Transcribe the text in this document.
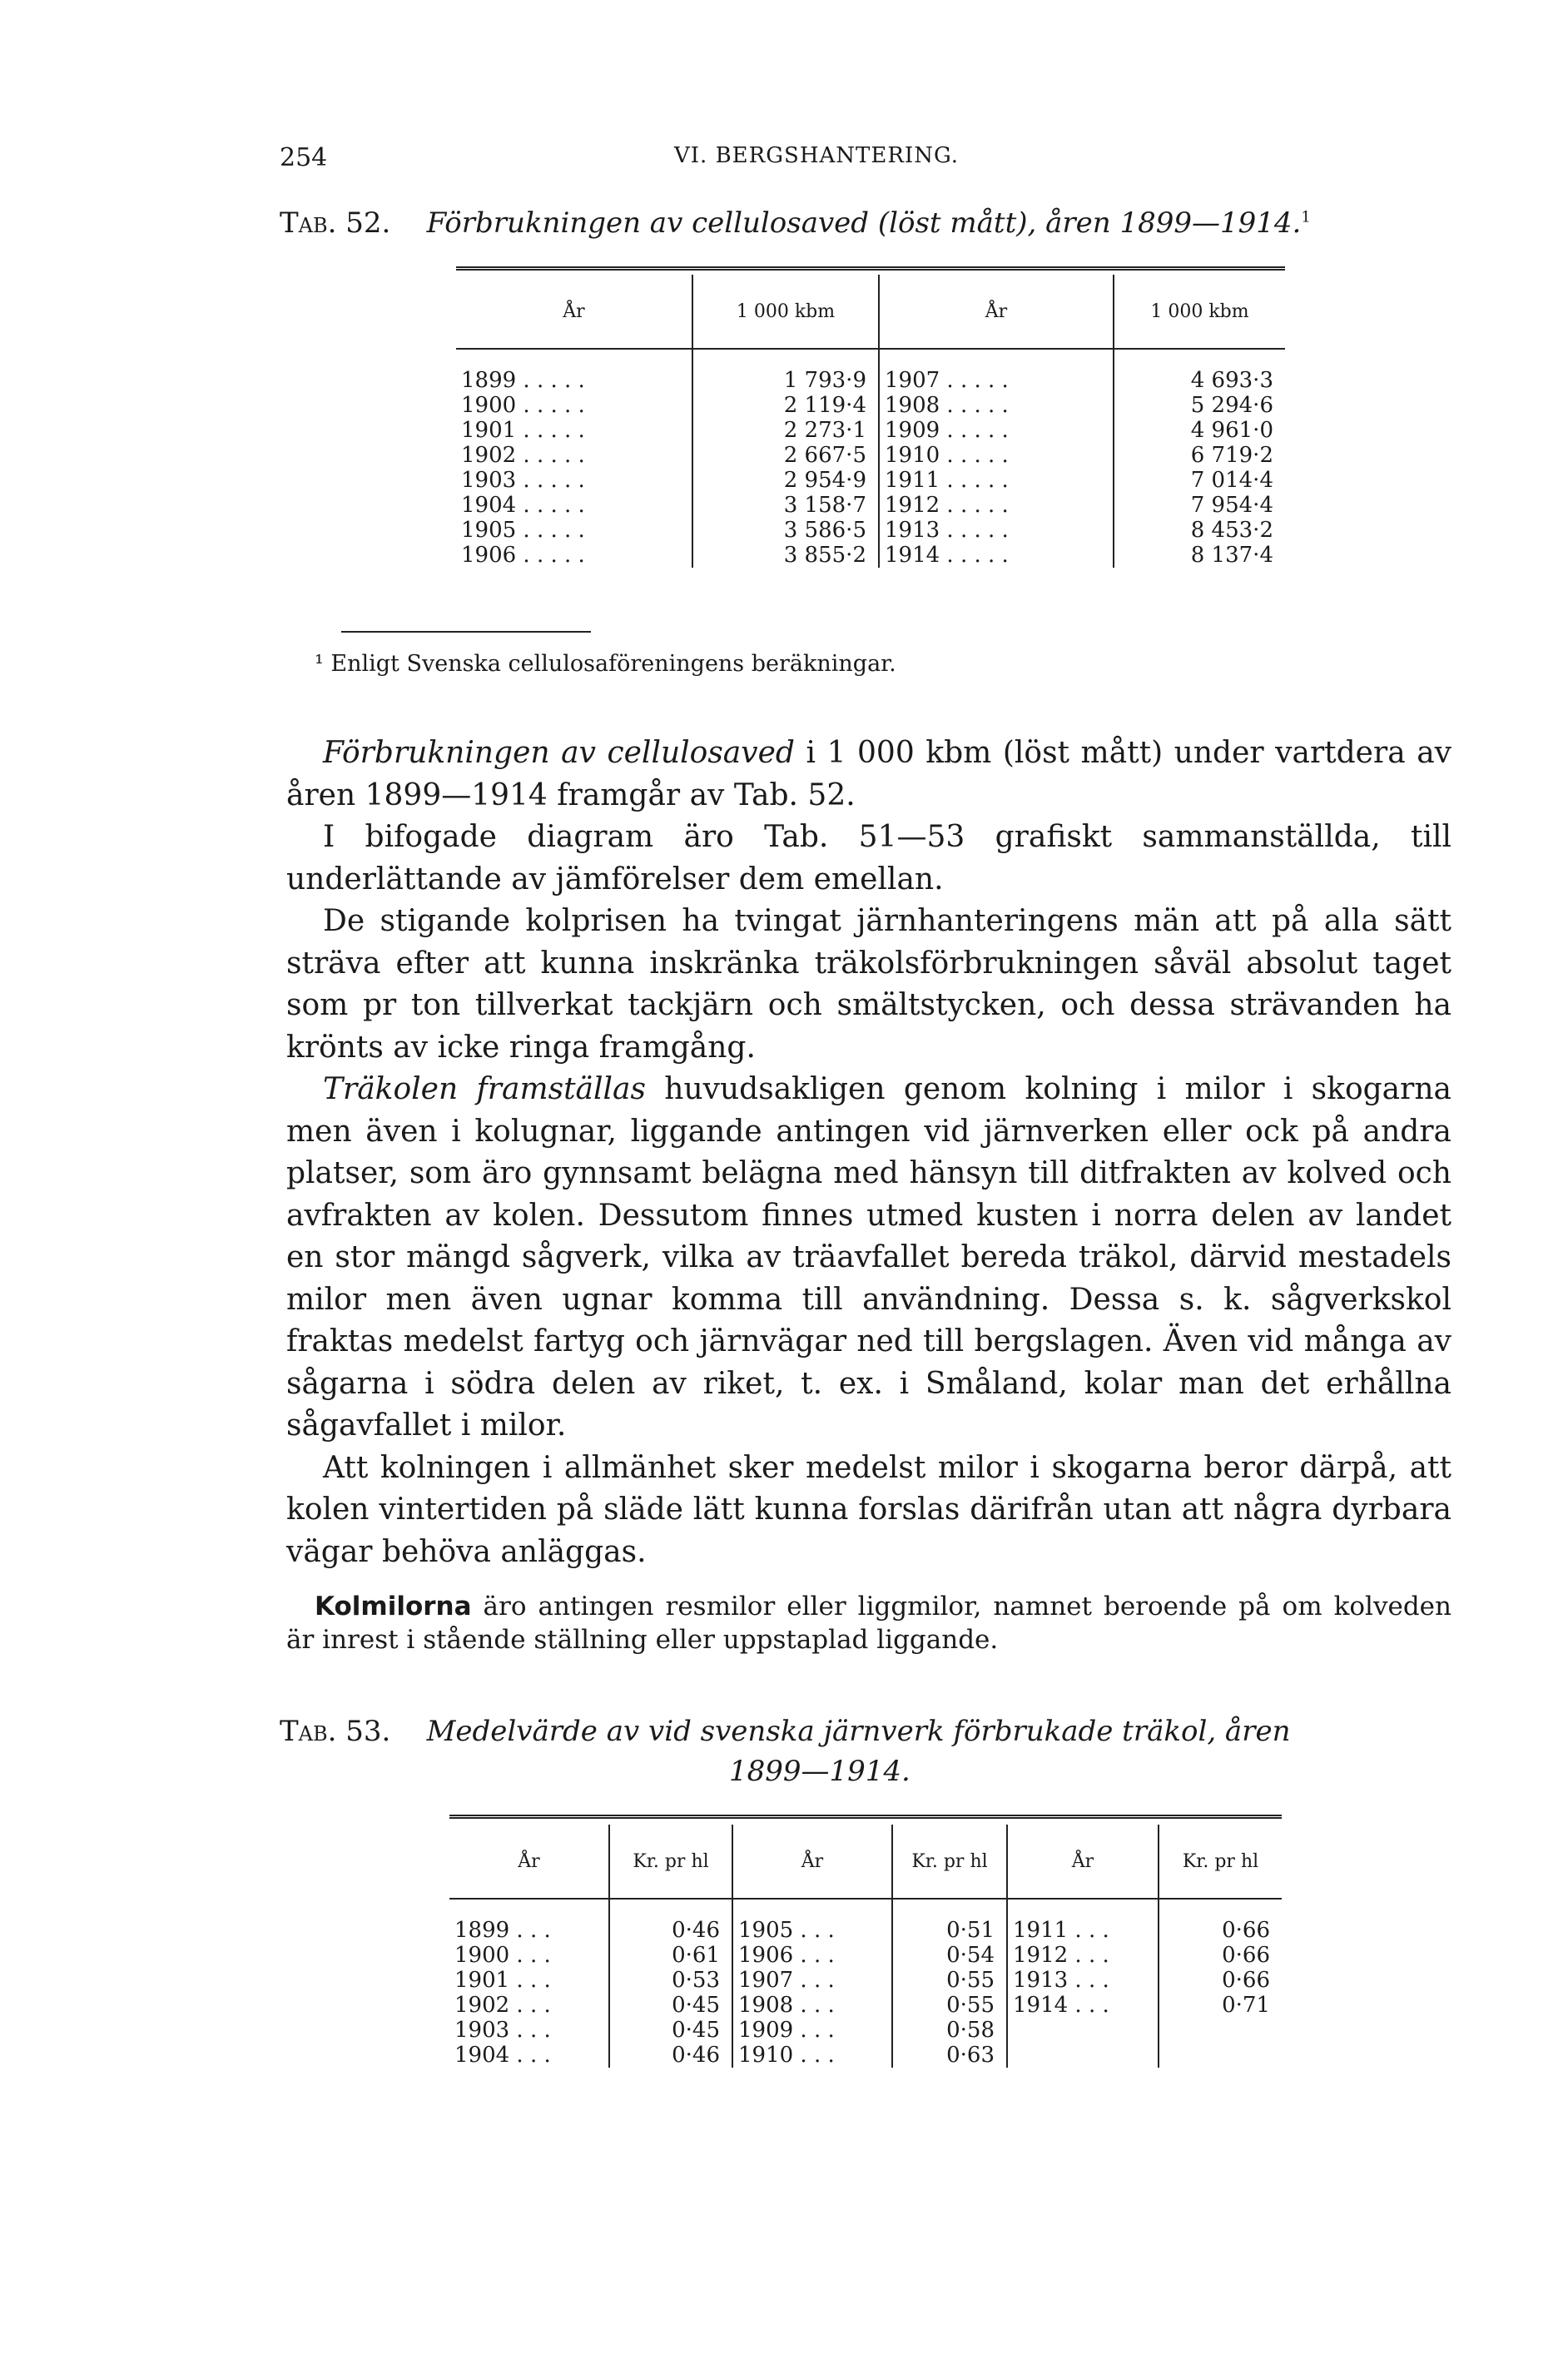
254	VI. BERGSHANTERING.
Tab. 52. Förbrukningen av cellulosaved (löst mått), åren 1899—1914.$^1$
År	1 000 kbm	År	1 000 kbm

1899 . . .	1 793·9	1907 . . .	4 693·3
1900 . . .	2 119·4	1908 . . .	5 294·6
1901 . . .	2 273·1	1909 . . .	4 961·0
1902 . . .	2 667·5	1910 . . .	6 719·2
1903 . . .	2 954·9	1911 . . .	7 014·4
1904 . . .	3 158·7	1912 . . .	7 954·4
1905 . . .	3 586·5	1913 . . .	8 453·2
1906 . . .	3 855·2	1914 . . .	8 137·4
¹ Enligt Svenska cellulosaföreningens beräkningar.

Förbrukningen av cellulosaved i 1 000 kbm (löst mått) under vartdera av åren 1899—1914 framgår av Tab. 52.

I bifogade diagram äro Tab. 51—53 grafiskt sammanställda, till underlättande av jämförelser dem emellan.

De stigande kolprisen ha tvingat järnhanteringens män att på alla sätt sträva efter att kunna inskränka träkolsförbrukningen såväl absolut taget som pr ton tillverkat tackjärn och smältstycken, och dessa strävanden ha krönts av icke ringa framgång.

Träkolen framställas huvudsakligen genom kolning i milor i skogarna men även i kolugnar, liggande antingen vid järnverken eller ock på andra platser, som äro gynnsamt belägna med hänsyn till ditfrakten av kolved och avfrakten av kolen. Dessutom finnes utmed kusten i norra delen av landet en stor mängd sågverk, vilka av träavfallet bereda träkol, därvid mestadels milor men även ugnar komma till användning. Dessa s. k. sågverkskol fraktas medelst fartyg och järnvägar ned till bergslagen. Även vid många av sågarna i södra delen av riket, t. ex. i Småland, kolar man det erhållna sågavfallet i milor.

Att kolningen i allmänhet sker medelst milor i skogarna beror därpå, att kolen vintertiden på släde lätt kunna forslas därifrån utan att några dyrbara vägar behöva anläggas.

Kolmilorna äro antingen resmilor eller liggmilor, namnet beroende på om kolveden är inrest i stående ställning eller uppstaplad liggande.

Tab. 53. Medelvärde av vid svenska järnverk förbrukade träkol, åren
1899—1914.
År	Kr. pr hl	År	Kr. pr hl	År	Kr. pr hl

1899 . . .	0·46	1905 . . .	0·51	1911 . . .	0·66
1900 . . .	0·61	1906 . . .	0·54	1912 . . .	0·66
1901 . . .	0·53	1907 . . .	0·55	1913 . . .	0·66
1902 . . .	0·45	1908 . . .	0·55	1914 . . .	0·71
1903 . . .	0·45	1909 . . .	0·58		
1904 . . .	0·46	1910 . . .	0·63		
